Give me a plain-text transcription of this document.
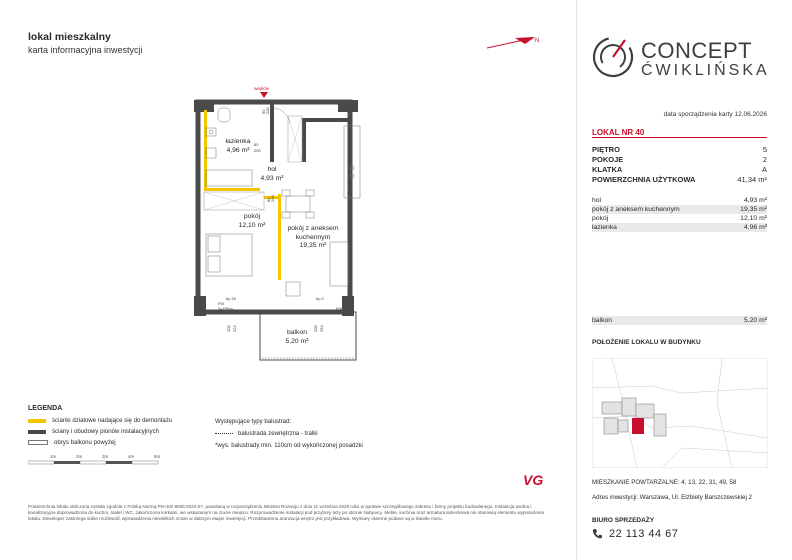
lokal mieszkalny
karta informacyjna inwestycji
N	CONCEPT
ĆWIKLIŃSKA
data sporządzenia karty 12.06.2026
LOKAL NR 40
PIĘTRO	5
POKOJE	2
KLATKA	A
POWIERZCHNIA UŻYTKOWA	41,34 m²
hol	4,93 m²
pokój z aneksem kuchennym	19,35 m²
pokój	12,10 m²
łazienka	4,96 m²
balkon	5,20 m²
POŁOŻENIE LOKALU W BUDYNKU
MIESZKANIE POWTARZALNE: 4, 13, 22, 31, 49, 58
Adres inwestycji: Warszawa, Ul. Elżbiety Barszczewskiej 2
BIURO SPRZEDAŻY
22 113 44 67
wejście
90 200
80
200
80 200
100 224	200 254
hp 20	hp 0
FIX
S=15ºcm	FIX
łazienka
4,96 m²
hol
4,93 m²
pokój
12,10 m²	pokój z aneksem kuchennym
19,35 m²
balkon
5,20 m²
LEGENDA
ścianki działowe nadające się do demontażu
ściany i obudowy pionów instalacyjnych
obrys balkonu powyżej
1m	2m	3m	4m	5m
Występujące typy balustrad:
balustrada zewnętrzna - tralki
*wys. balustrady min. 110cm od wykończonej posadzki
VG
Powierzchnia lokalu obliczona została zgodnie z Polską Normą PN-ISO 9836:2022-07, powołaną w rozporządzeniu Ministra Rozwoju z dnia 11 września 2020 roku w sprawie szczegółowego zakresu i formy projektu budowlanego. Instalacja wodna i kanalizacyjna doprowadzona do kuchni, toalet i WC, zakończona korkami, we wskazanym na rzucie miejscu. Rozprowadzenie instalacji pod przybory leży po stronie Nabywcy. Meble, kuchnia oraz armatura łazienkowa nie stanowią elementu wyposażenia lokalu. Deweloper zastrzega sobie możliwość wprowadzenia niewielkich zmian w dalszym etapie inwestycji. Przedstawiona aranżacja wnętrz jest przykładowa. Wymiary okienne podane są w świetle muru.
